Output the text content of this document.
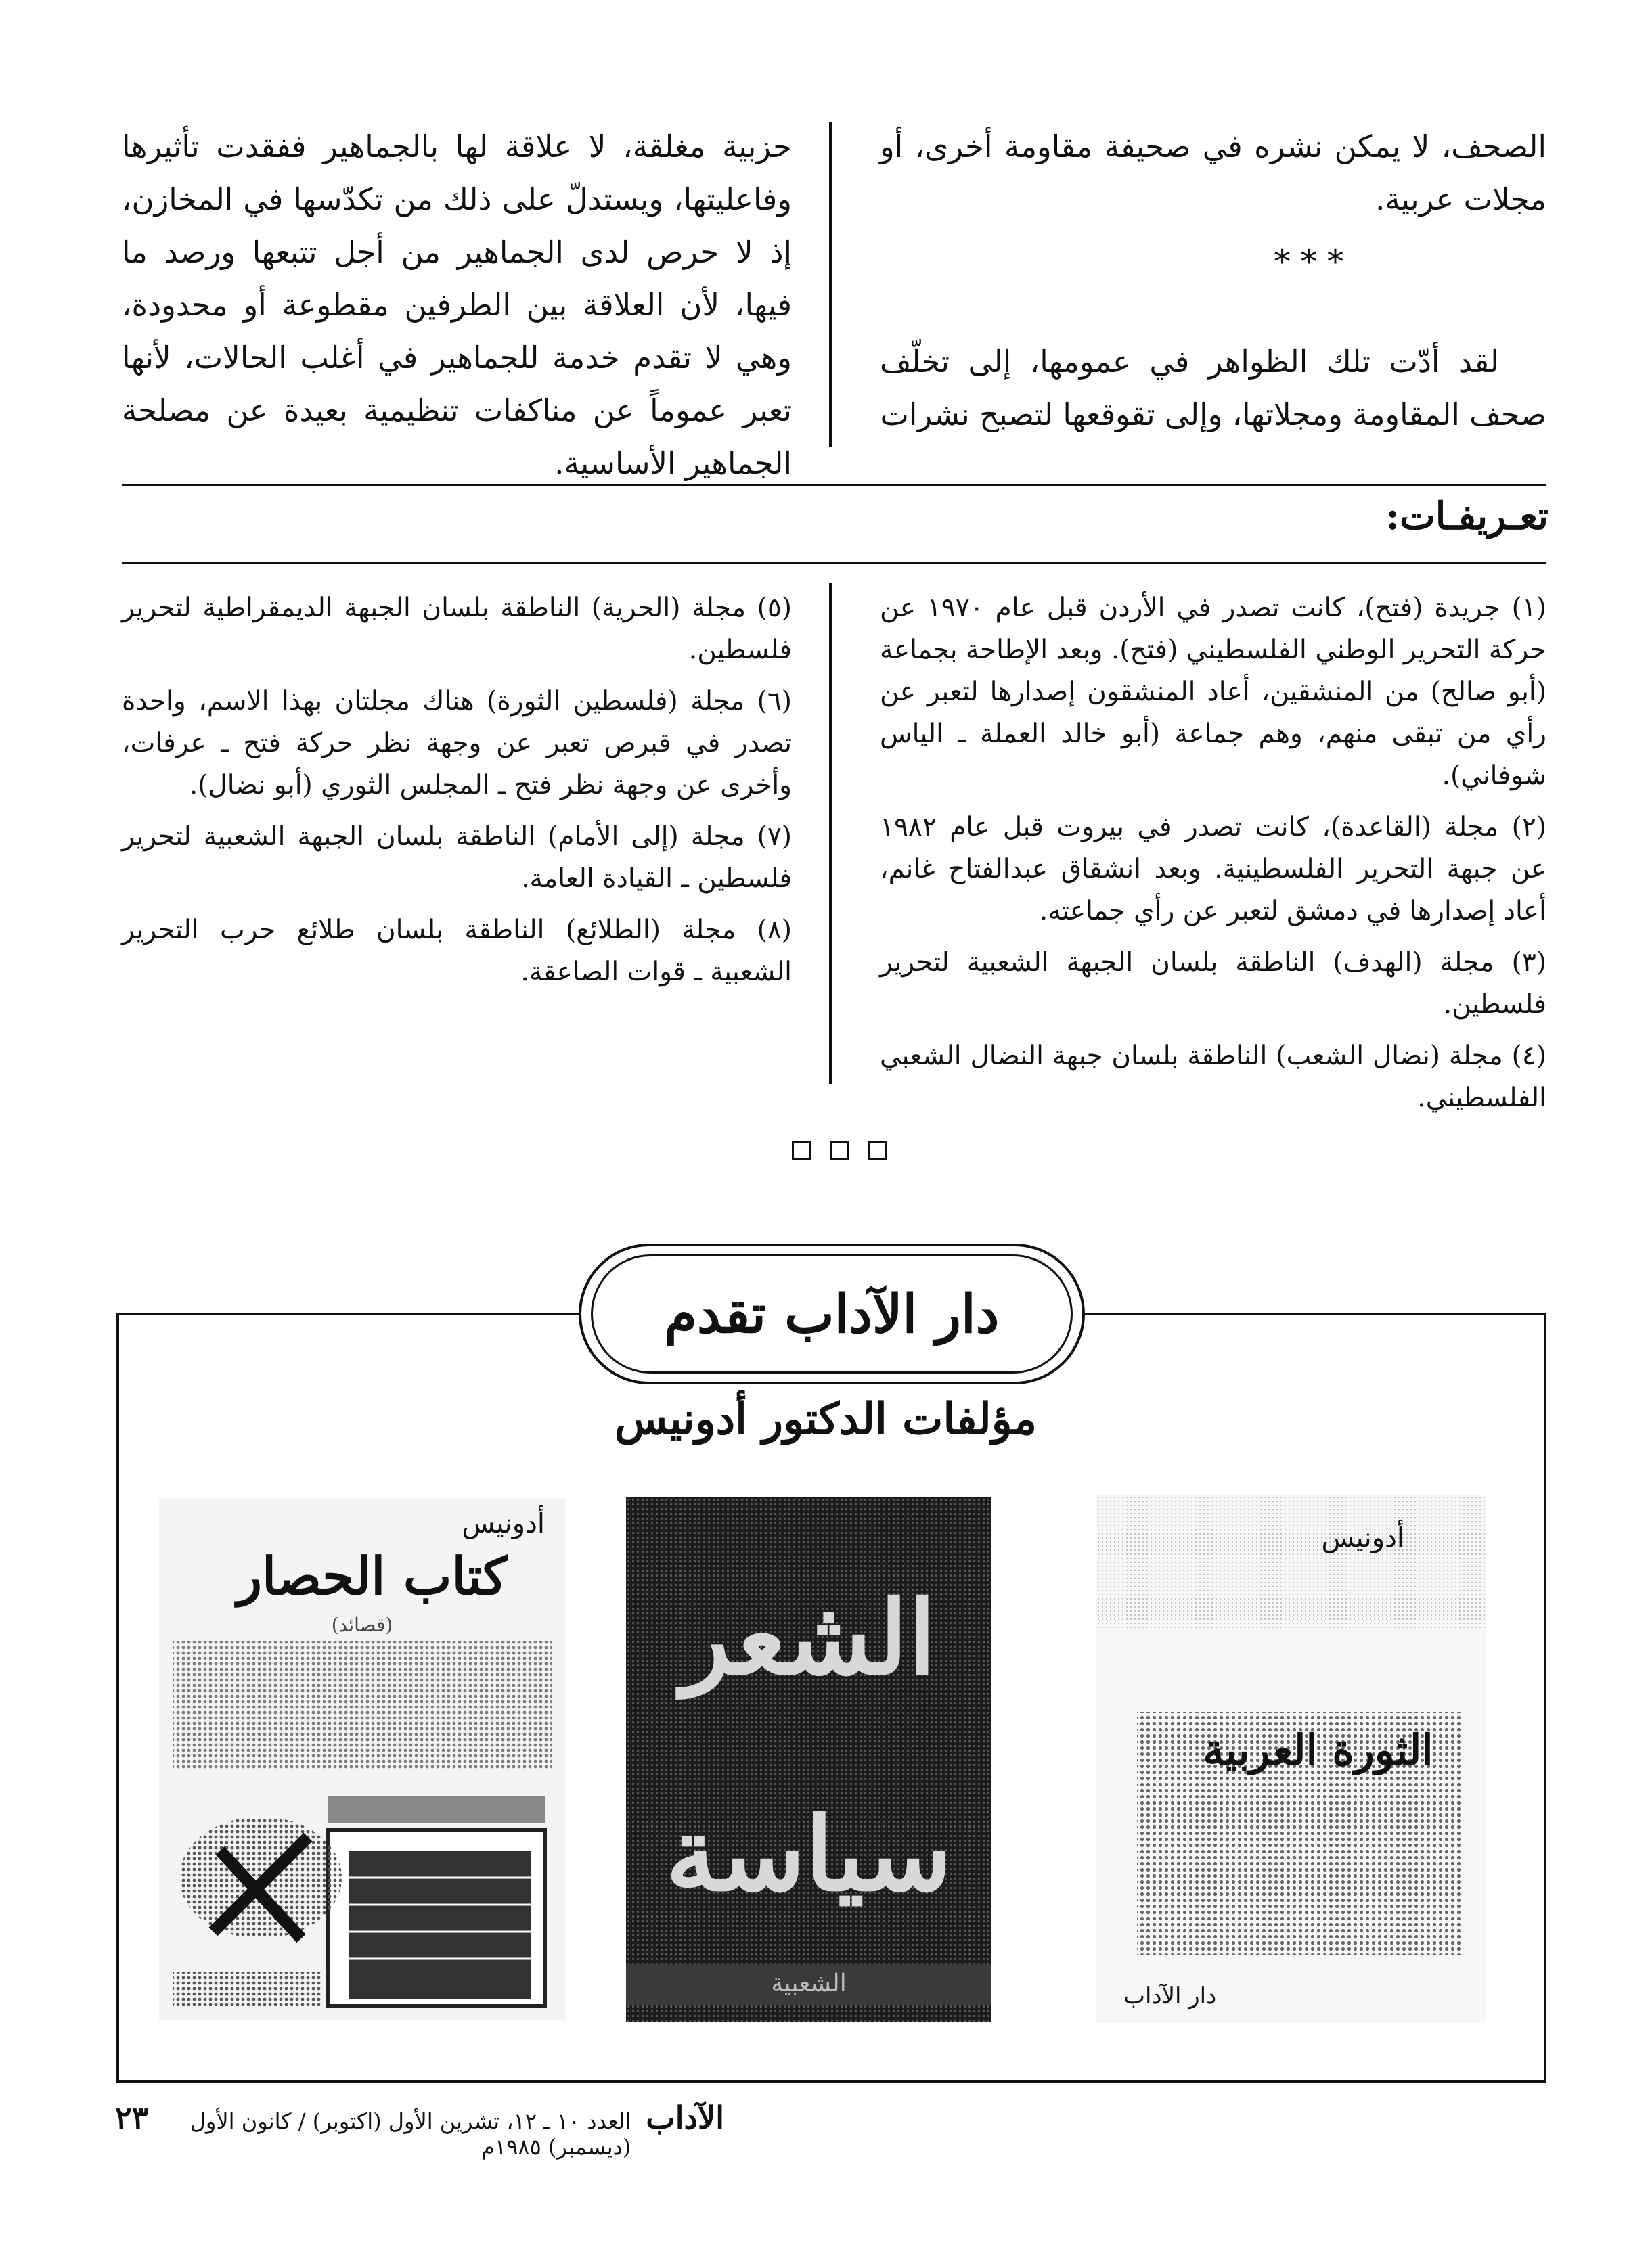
الصحف، لا يمكن نشره في صحيفة مقاومة أخرى، أو مجلات عربية.
* * *
لقد أدّت تلك الظواهر في عمومها، إلى تخلّف صحف المقاومة ومجلاتها، وإلى تقوقعها لتصبح نشرات
حزبية مغلقة، لا علاقة لها بالجماهير ففقدت تأثيرها وفاعليتها، ويستدلّ على ذلك من تكدّسها في المخازن، إذ لا حرص لدى الجماهير من أجل تتبعها ورصد ما فيها، لأن العلاقة بين الطرفين مقطوعة أو محدودة، وهي لا تقدم خدمة للجماهير في أغلب الحالات، لأنها تعبر عموماً عن مناكفات تنظيمية بعيدة عن مصلحة الجماهير الأساسية.
تعـريفـات:

(١) جريدة (فتح)، كانت تصدر في الأردن قبل عام ١٩٧٠ عن حركة التحرير الوطني الفلسطيني (فتح). وبعد الإطاحة بجماعة (أبو صالح) من المنشقين، أعاد المنشقون إصدارها لتعبر عن رأي من تبقى منهم، وهم جماعة (أبو خالد العملة ـ الياس شوفاني).

(٢) مجلة (القاعدة)، كانت تصدر في بيروت قبل عام ١٩٨٢ عن جبهة التحرير الفلسطينية. وبعد انشقاق عبدالفتاح غانم، أعاد إصدارها في دمشق لتعبر عن رأي جماعته.

(٣) مجلة (الهدف) الناطقة بلسان الجبهة الشعبية لتحرير فلسطين.

(٤) مجلة (نضال الشعب) الناطقة بلسان جبهة النضال الشعبي الفلسطيني.

(٥) مجلة (الحرية) الناطقة بلسان الجبهة الديمقراطية لتحرير فلسطين.

(٦) مجلة (فلسطين الثورة) هناك مجلتان بهذا الاسم، واحدة تصدر في قبرص تعبر عن وجهة نظر حركة فتح ـ عرفات، وأخرى عن وجهة نظر فتح ـ المجلس الثوري (أبو نضال).

(٧) مجلة (إلى الأمام) الناطقة بلسان الجبهة الشعبية لتحرير فلسطين ـ القيادة العامة.

(٨) مجلة (الطلائع) الناطقة بلسان طلائع حرب التحرير الشعبية ـ قوات الصاعقة.

دار الآداب تقدم
مؤلفات الدكتور أدونيس
أدونيس
كتاب الحصار
(قصائد)	الشعر
سياسة
الشعبية
أدونيس
الثورة العربية
دار الآداب
الآداب
العدد ١٠ ـ ١٢، تشرين الأول (اكتوبر) / كانون الأول (ديسمبر) ١٩٨٥م
٢٣
